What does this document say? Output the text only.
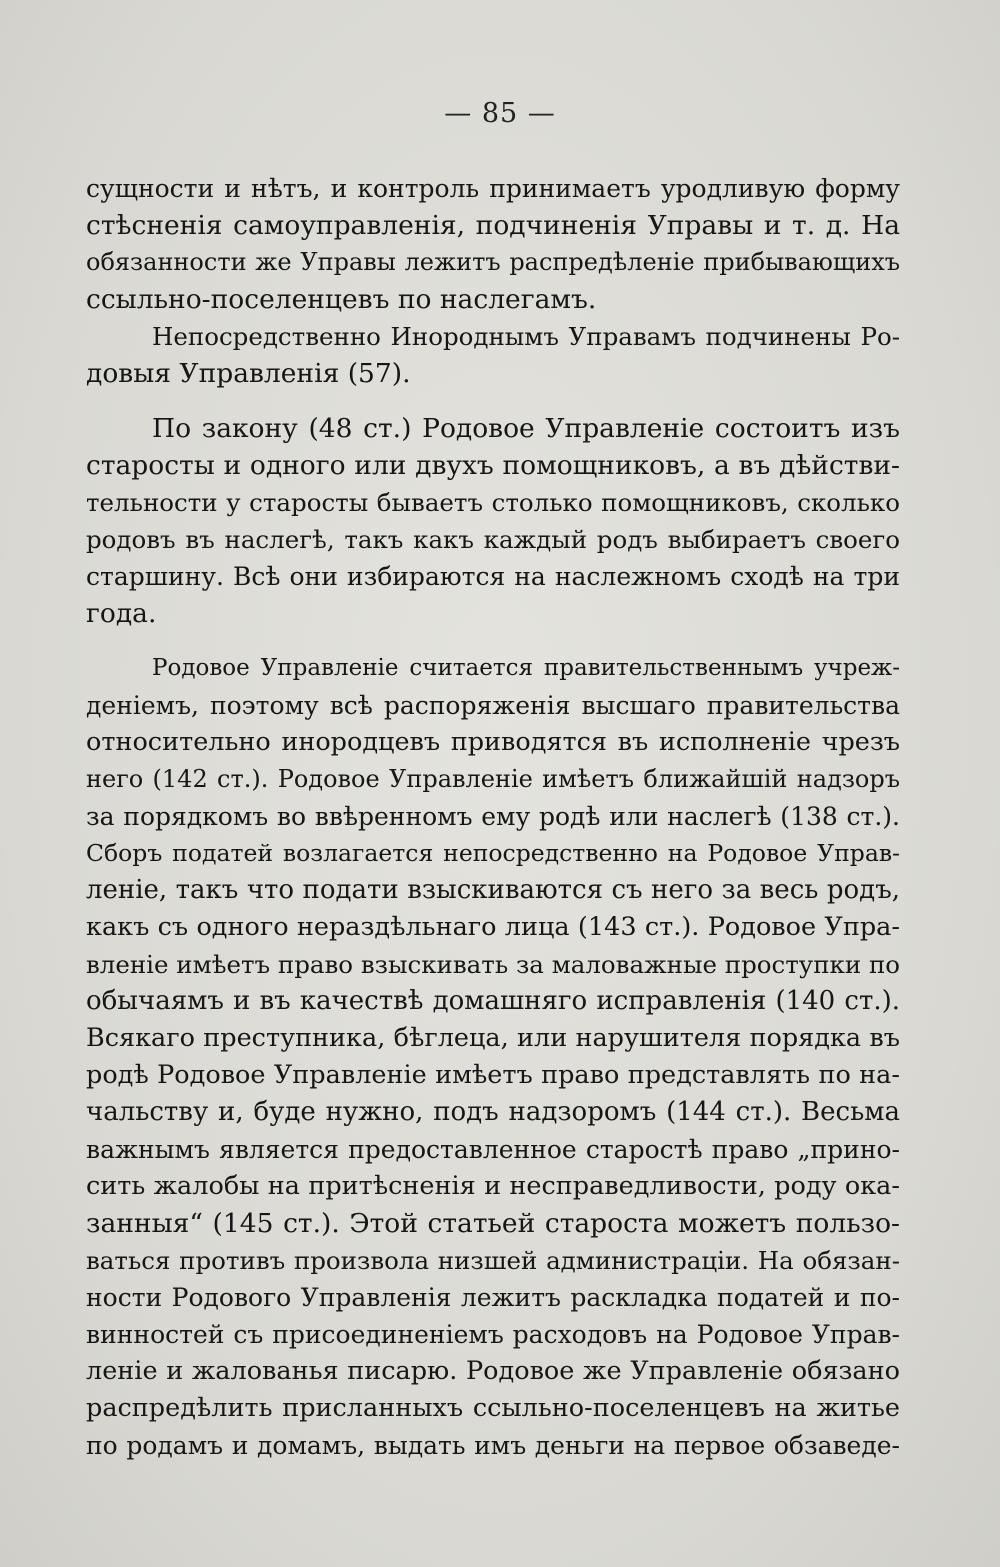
— 85 —
сущности и нѣтъ, и контроль принимаетъ уродливую форму
стѣсненія самоуправленія, подчиненія Управы и т. д. На
обязанности же Управы лежитъ распредѣленіе прибывающихъ
ссыльно-поселенцевъ по наслегамъ.
Непосредственно Инороднымъ Управамъ подчинены Ро-
довыя Управленія (57).
По закону (48 ст.) Родовое Управленіе состоитъ изъ
старосты и одного или двухъ помощниковъ, а въ дѣйстви-
тельности у старосты бываетъ столько помощниковъ, сколько
родовъ въ наслегѣ, такъ какъ каждый родъ выбираетъ своего
старшину. Всѣ они избираются на наслежномъ сходѣ на три
года.
Родовое Управленіе считается правительственнымъ учреж-
деніемъ, поэтому всѣ распоряженія высшаго правительства
относительно инородцевъ приводятся въ исполненіе чрезъ
него (142 ст.). Родовое Управленіе имѣетъ ближайшій надзоръ
за порядкомъ во ввѣренномъ ему родѣ или наслегѣ (138 ст.).
Сборъ податей возлагается непосредственно на Родовое Управ-
леніе, такъ что подати взыскиваются съ него за весь родъ,
какъ съ одного нераздѣльнаго лица (143 ст.). Родовое Упра-
вленіе имѣетъ право взыскивать за маловажные проступки по
обычаямъ и въ качествѣ домашняго исправленія (140 ст.).
Всякаго преступника, бѣглеца, или нарушителя порядка въ
родѣ Родовое Управленіе имѣетъ право представлять по на-
чальству и, буде нужно, подъ надзоромъ (144 ст.). Весьма
важнымъ является предоставленное старостѣ право „прино-
сить жалобы на притѣсненія и несправедливости, роду ока-
занныя“ (145 ст.). Этой статьей староста можетъ пользо-
ваться противъ произвола низшей администраціи. На обязан-
ности Родового Управленія лежитъ раскладка податей и по-
винностей съ присоединеніемъ расходовъ на Родовое Управ-
леніе и жалованья писарю. Родовое же Управленіе обязано
распредѣлить присланныхъ ссыльно-поселенцевъ на житье
по родамъ и домамъ, выдать имъ деньги на первое обзаведе-
